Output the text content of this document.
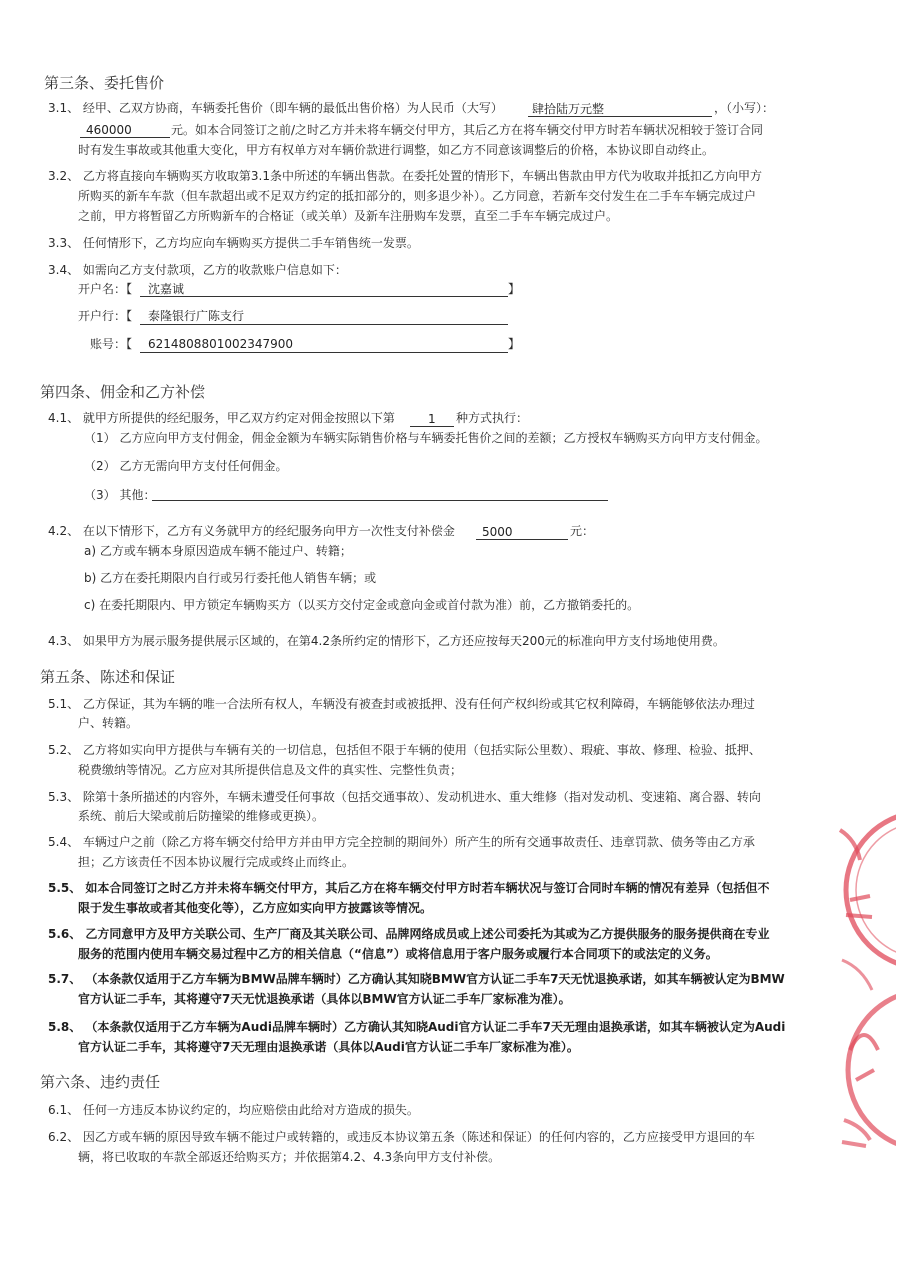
第三条、委托售价
3.1、 经甲、乙双方协商，车辆委托售价（即车辆的最低出售价格）为人民币（大写） 肆拾陆万元整	，（小写）：
460000	元。如本合同签订之前/之时乙方并未将车辆交付甲方，其后乙方在将车辆交付甲方时若车辆状况相较于签订合同
时有发生事故或其他重大变化，甲方有权单方对车辆价款进行调整，如乙方不同意该调整后的价格，本协议即自动终止。
3.2、 乙方将直接向车辆购买方收取第3.1条中所述的车辆出售款。在委托处置的情形下，车辆出售款由甲方代为收取并抵扣乙方向甲方
所购买的新车车款（但车款超出或不足双方约定的抵扣部分的，则多退少补）。乙方同意，若新车交付发生在二手车车辆完成过户
之前，甲方将暂留乙方所购新车的合格证（或关单）及新车注册购车发票，直至二手车车辆完成过户。
3.3、 任何情形下，乙方均应向车辆购买方提供二手车销售统一发票。
3.4、 如需向乙方支付款项，乙方的收款账户信息如下：
开户名：【 沈嘉诚	】
开户行：【 泰隆银行广陈支行
账号：【 6214808801002347900	】
第四条、佣金和乙方补偿
4.1、 就甲方所提供的经纪服务，甲乙双方约定对佣金按照以下第	1 种方式执行：
（1） 乙方应向甲方支付佣金，佣金金额为车辆实际销售价格与车辆委托售价之间的差额；乙方授权车辆购买方向甲方支付佣金。
（2） 乙方无需向甲方支付任何佣金。
（3） 其他：
4.2、 在以下情形下，乙方有义务就甲方的经纪服务向甲方一次性支付补偿金 5000	元：
a) 乙方或车辆本身原因造成车辆不能过户、转籍；
b) 乙方在委托期限内自行或另行委托他人销售车辆；或
c) 在委托期限内、甲方锁定车辆购买方（以买方交付定金或意向金或首付款为准）前，乙方撤销委托的。
4.3、 如果甲方为展示服务提供展示区域的，在第4.2条所约定的情形下，乙方还应按每天200元的标准向甲方支付场地使用费。
第五条、陈述和保证
5.1、 乙方保证，其为车辆的唯一合法所有权人，车辆没有被查封或被抵押、没有任何产权纠纷或其它权利障碍，车辆能够依法办理过
户、转籍。
5.2、 乙方将如实向甲方提供与车辆有关的一切信息，包括但不限于车辆的使用（包括实际公里数）、瑕疵、事故、修理、检验、抵押、
税费缴纳等情况。乙方应对其所提供信息及文件的真实性、完整性负责；
5.3、 除第十条所描述的内容外，车辆未遭受任何事故（包括交通事故）、发动机进水、重大维修（指对发动机、变速箱、离合器、转向
系统、前后大梁或前后防撞梁的维修或更换）。
5.4、 车辆过户之前（除乙方将车辆交付给甲方并由甲方完全控制的期间外）所产生的所有交通事故责任、违章罚款、债务等由乙方承
担；乙方该责任不因本协议履行完成或终止而终止。
5.5、 如本合同签订之时乙方并未将车辆交付甲方，其后乙方在将车辆交付甲方时若车辆状况与签订合同时车辆的情况有差异（包括但不
限于发生事故或者其他变化等），乙方应如实向甲方披露该等情况。
5.6、 乙方同意甲方及甲方关联公司、生产厂商及其关联公司、品牌网络成员或上述公司委托为其或为乙方提供服务的服务提供商在专业
服务的范围内使用车辆交易过程中乙方的相关信息（“信息”）或将信息用于客户服务或履行本合同项下的或法定的义务。
5.7、 （本条款仅适用于乙方车辆为BMW品牌车辆时）乙方确认其知晓BMW官方认证二手车7天无忧退换承诺，如其车辆被认定为BMW
官方认证二手车，其将遵守7天无忧退换承诺（具体以BMW官方认证二手车厂家标准为准）。
5.8、 （本条款仅适用于乙方车辆为Audi品牌车辆时）乙方确认其知晓Audi官方认证二手车7天无理由退换承诺，如其车辆被认定为Audi
官方认证二手车，其将遵守7天无理由退换承诺（具体以Audi官方认证二手车厂家标准为准）。
第六条、违约责任
6.1、 任何一方违反本协议约定的，均应赔偿由此给对方造成的损失。
6.2、 因乙方或车辆的原因导致车辆不能过户或转籍的，或违反本协议第五条（陈述和保证）的任何内容的，乙方应接受甲方退回的车
辆，将已收取的车款全部返还给购买方；并依据第4.2、4.3条向甲方支付补偿。
